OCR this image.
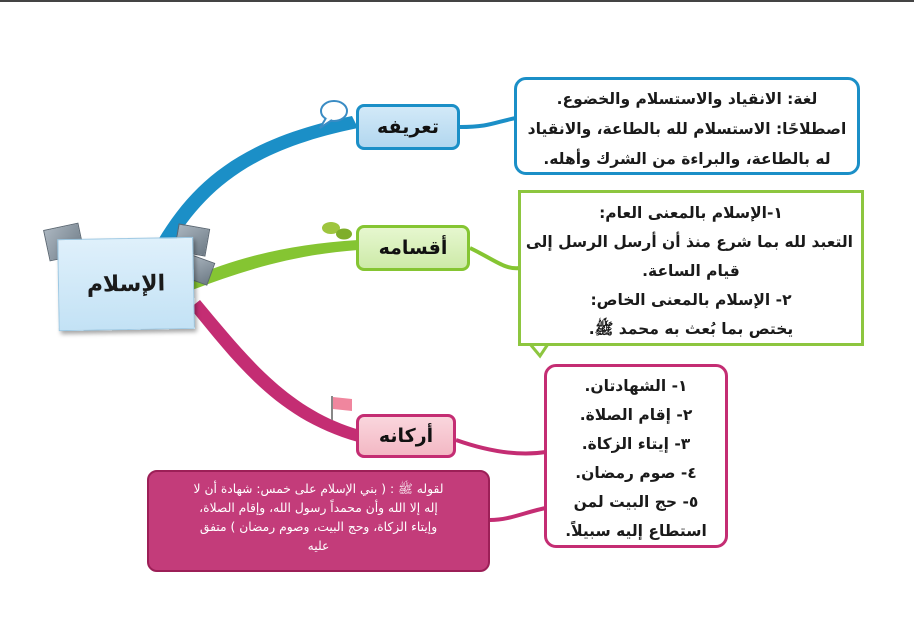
الإسلام
تعريفه
أقسامه
أركانه
لغة: الانقياد والاستسلام والخضوع.
اصطلاحًا: الاستسلام لله بالطاعة، والانقياد
له بالطاعة، والبراءة من الشرك وأهله.
١-الإسلام بالمعنى العام:
التعبد لله بما شرع منذ أن أرسل الرسل إلى
قيام الساعة.
٢- الإسلام بالمعنى الخاص:
يختص بما بُعث به محمد ﷺ.
١- الشهادتان.
٢- إقام الصلاة.
٣- إيتاء الزكاة.
٤- صوم رمضان.
٥- حج البيت لمن
استطاع إليه سبيلاً.
لقوله ﷺ : ( بني الإسلام على خمس: شهادة أن لا
إله إلا الله وأن محمداً رسول الله، وإقام الصلاة،
وإيتاء الزكاة، وحج البيت، وصوم رمضان ) متفق
عليه
